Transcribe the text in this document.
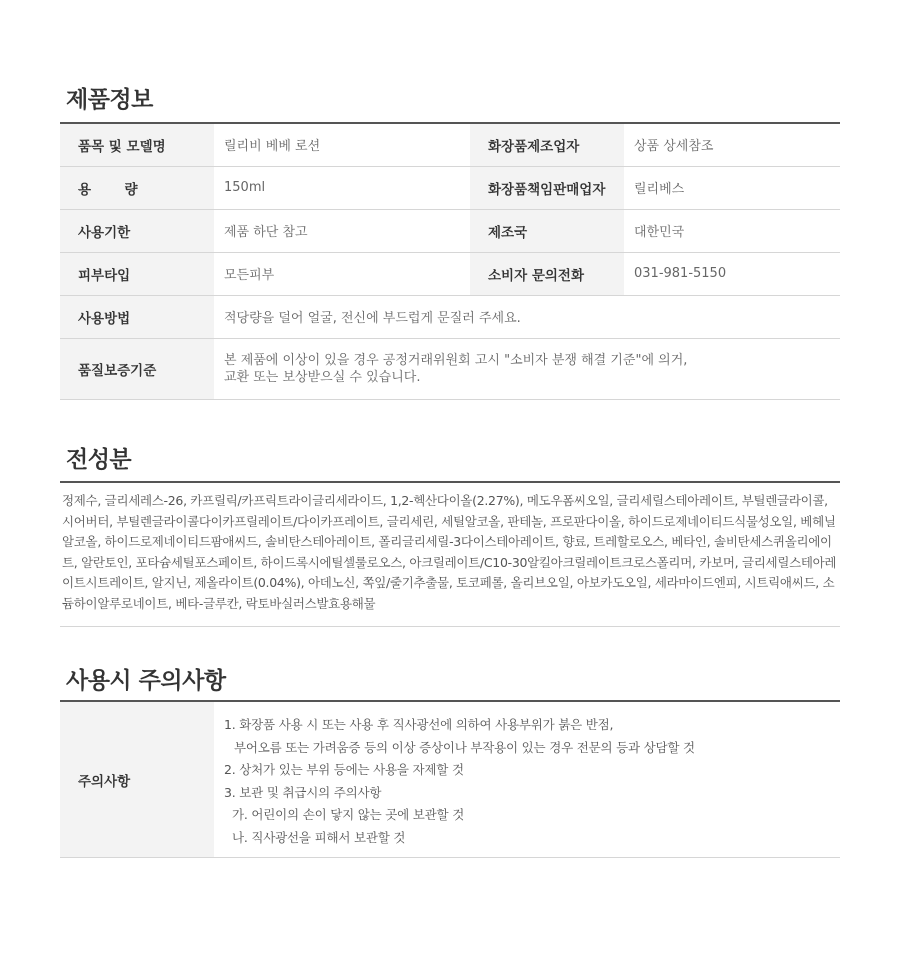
제품정보
품목 및 모델명	릴리비 베베 로션	화장품제조업자	상품 상세참조
용  량	150ml	화장품책임판매업자	릴리베스
사용기한	제품 하단 참고	제조국	대한민국
피부타입	모든피부	소비자 문의전화	031-981-5150
사용방법	적당량을 덜어 얼굴, 전신에 부드럽게 문질러 주세요.		
품질보증기준	본 제품에 이상이 있을 경우 공정거래위원회 고시 "소비자 분쟁 해결 기준"에 의거,
교환 또는 보상받으실 수 있습니다.		
전성분
정제수, 글리세레스-26, 카프릴릭/카프릭트라이글리세라이드, 1,2-헥산다이올(2.27%), 메도우폼씨오일, 글리세릴스테아레이트, 부틸렌글라이콜, 시어버터, 부틸렌글라이콜다이카프릴레이트/다이카프레이트, 글리세린, 세틸알코올, 판테놀, 프로판다이올, 하이드로제네이티드식물성오일, 베헤닐알코올, 하이드로제네이티드팜애씨드, 솔비탄스테아레이트, 폴리글리세릴-3다이스테아레이트, 향료, 트레할로오스, 베타인, 솔비탄세스퀴올리에이트, 알란토인, 포타슘세틸포스페이트, 하이드록시에틸셀룰로오스, 아크릴레이트/C10-30알킬아크릴레이트크로스폴리머, 카보머, 글리세릴스테아레이트시트레이트, 알지닌, 제올라이트(0.04%), 아데노신, 쪽잎/줄기추출물, 토코페롤, 올리브오일, 아보카도오일, 세라마이드엔피, 시트릭애씨드, 소듐하이알루로네이트, 베타-글루칸, 락토바실러스발효용해물
사용시 주의사항
주의사항
1. 화장품 사용 시 또는 사용 후 직사광선에 의하여 사용부위가 붉은 반점,
부어오름 또는 가려움증 등의 이상 증상이나 부작용이 있는 경우 전문의 등과 상담할 것
2. 상처가 있는 부위 등에는 사용을 자제할 것
3. 보관 및 취급시의 주의사항
가. 어린이의 손이 닿지 않는 곳에 보관할 것
나. 직사광선을 피해서 보관할 것
